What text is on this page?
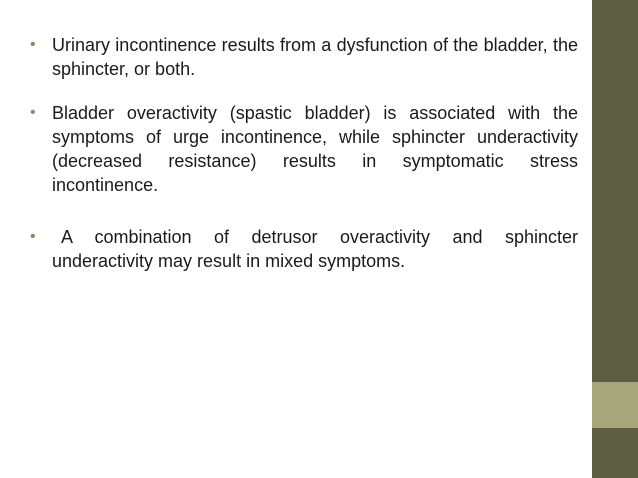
• Urinary incontinence results from a dysfunction of the bladder, the sphincter, or both.
• Bladder overactivity (spastic bladder) is associated with the symptoms of urge incontinence, while sphincter underactivity (decreased resistance) results in symptomatic stress incontinence.
•	A combination of detrusor overactivity and sphincter underactivity may result in mixed symptoms.
